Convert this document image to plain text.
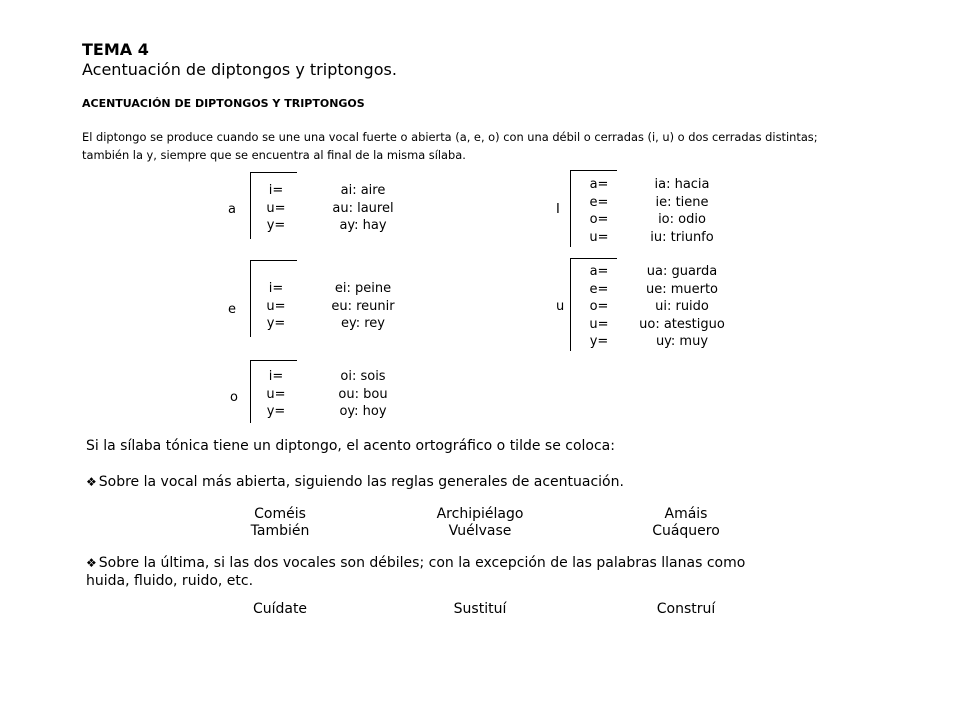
TEMA 4
Acentuación de diptongos y triptongos.
ACENTUACIÓN DE DIPTONGOS Y TRIPTONGOS
El diptongo se produce cuando se une una vocal fuerte o abierta (a, e, o) con una débil o cerradas (i, u) o dos cerradas distintas; también la y, siempre que se encuentra al final de la misma sílaba.
a
i=
u=
y=
ai: aire
au: laurel
ay: hay
e
i=
u=
y=
ei: peine
eu: reunir
ey: rey
o
i=
u=
y=
oi: sois
ou: bou
oy: hoy
I
a=
e=
o=
u=
ia: hacia
ie: tiene
io: odio
iu: triunfo
u
a=
e=
o=
u=
y=
ua: guarda
ue: muerto
ui: ruido
uo: atestiguo
uy: muy
Si la sílaba tónica tiene un diptongo, el acento ortográfico o tilde se coloca:
❖ Sobre la vocal más abierta, siguiendo las reglas generales de acentuación.
Coméis
También
Archipiélago
Vuélvase
Amáis
Cuáquero
❖ Sobre la última, si las dos vocales son débiles; con la excepción de las palabras llanas como
huida, fluido, ruido, etc.
Cuídate	Sustituí	Construí
